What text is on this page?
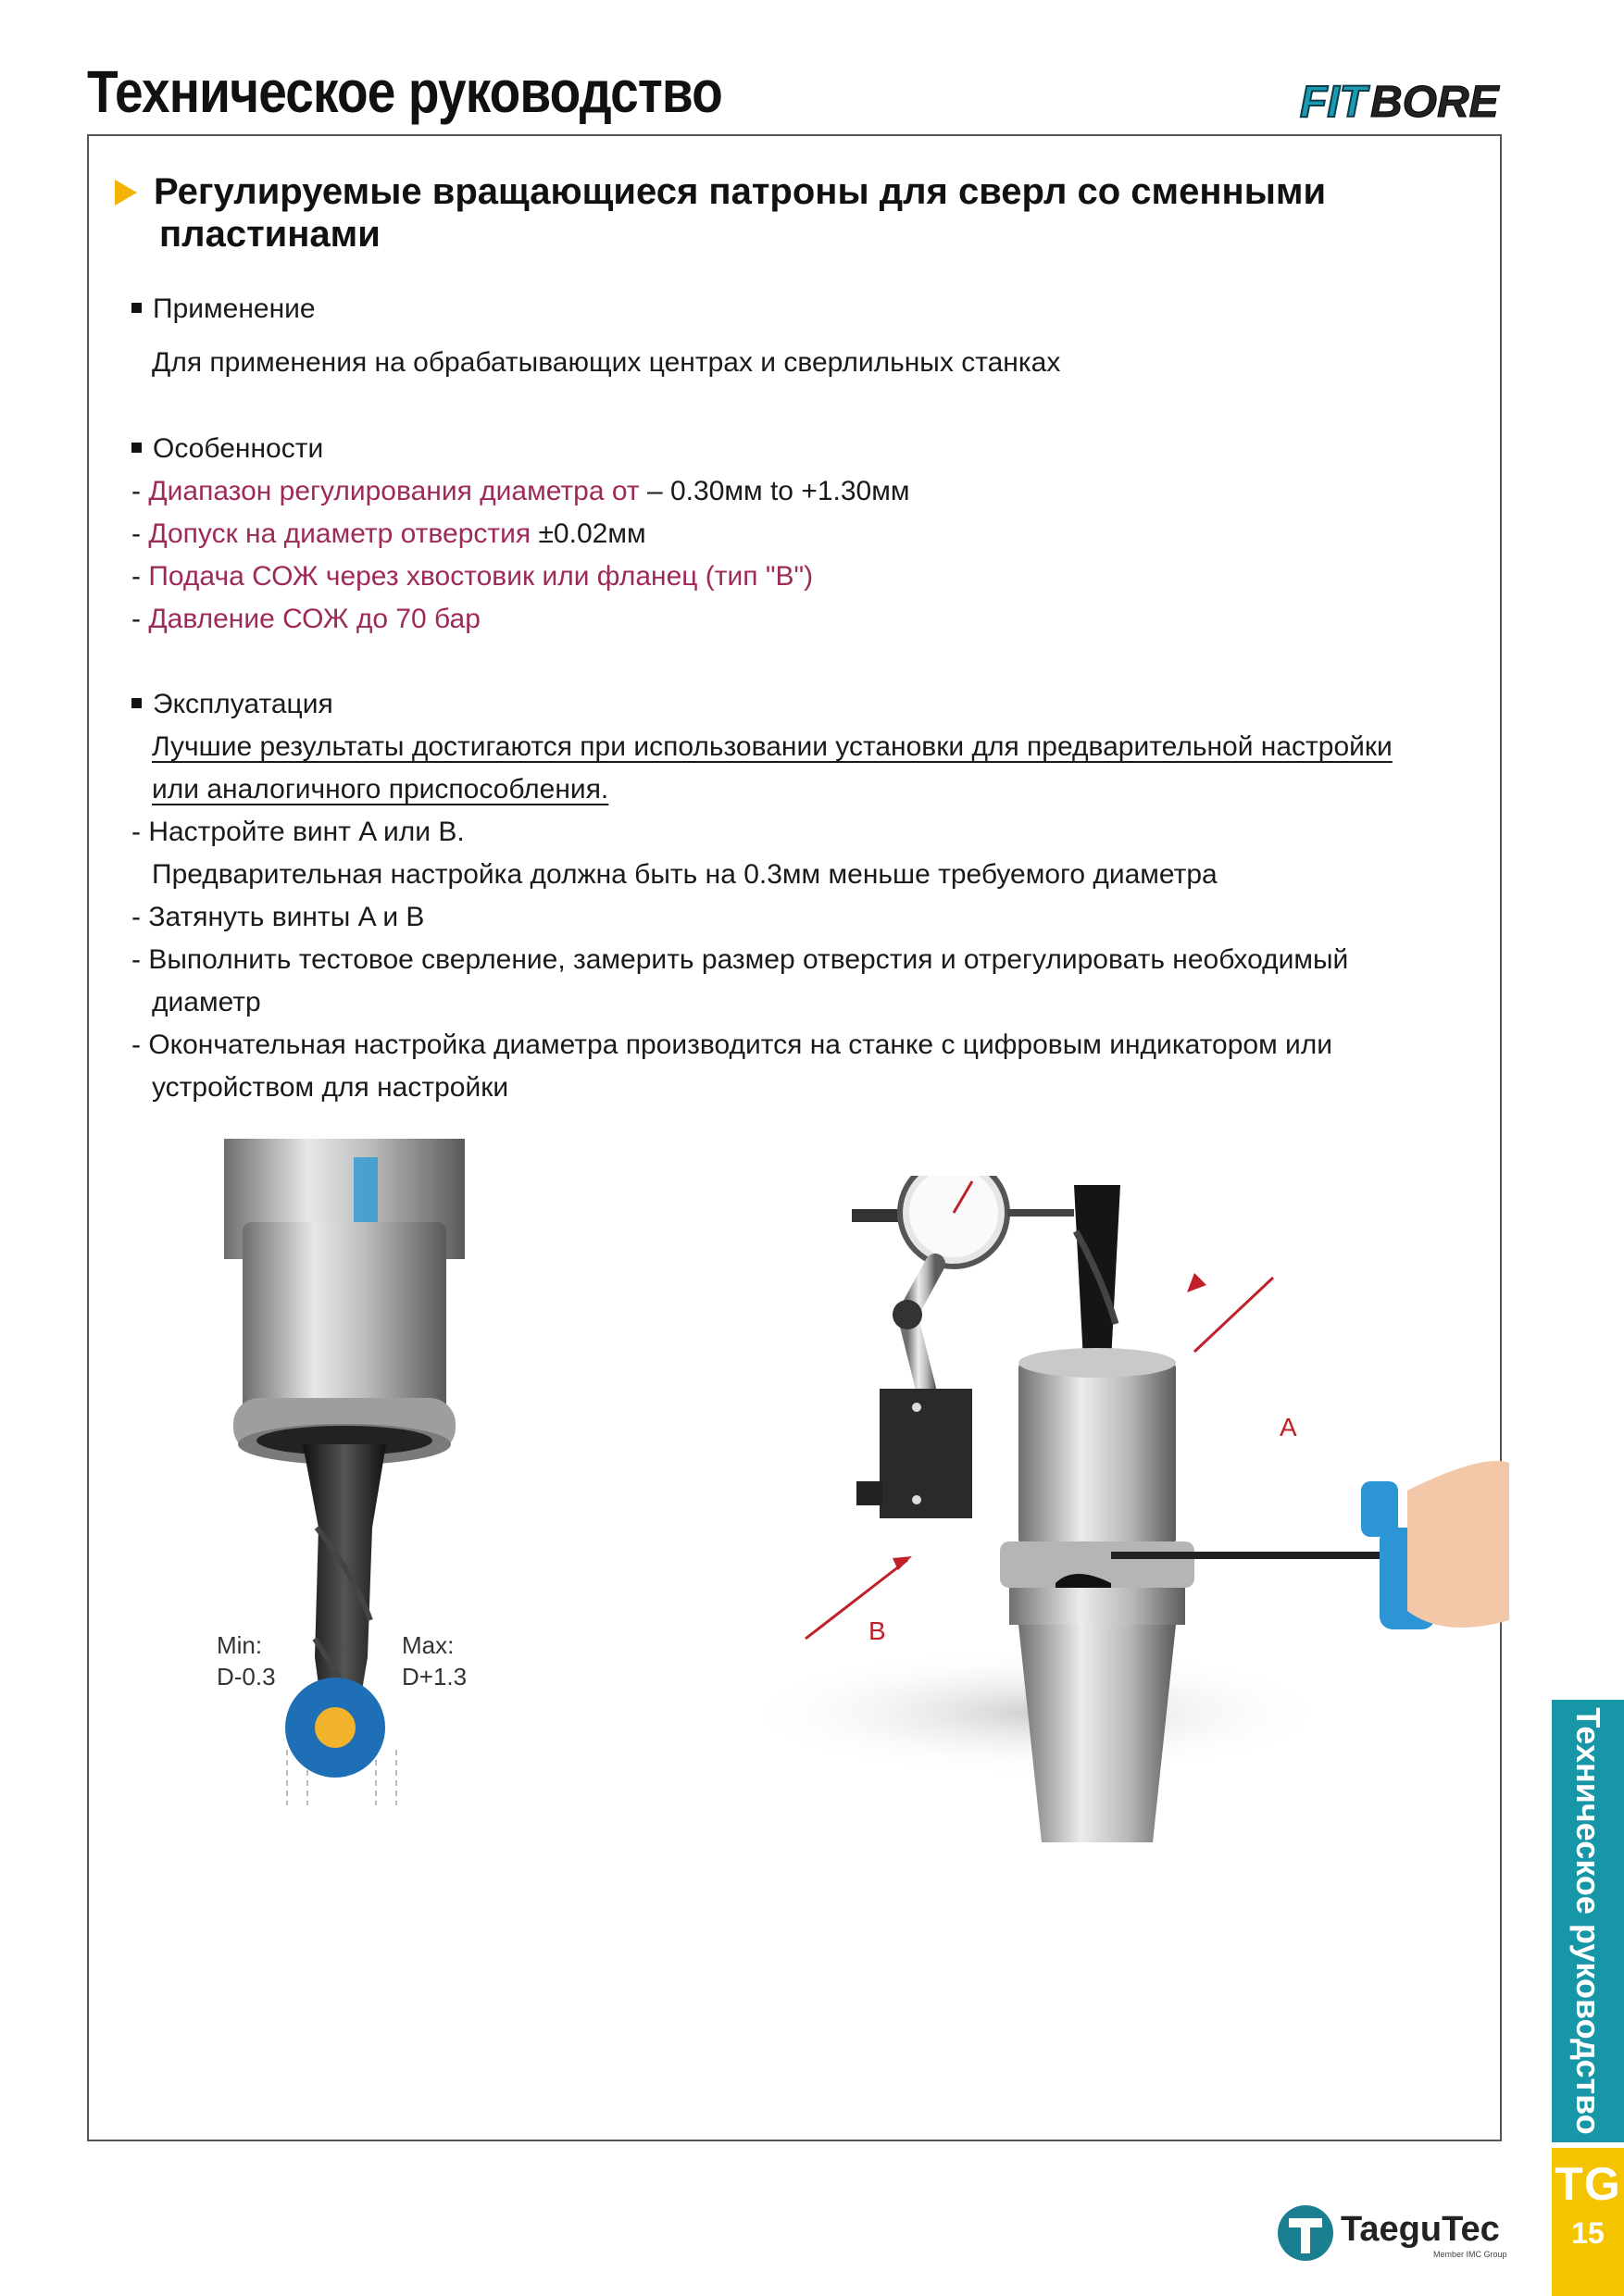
Техническое руководство	FIT BORE
Регулируемые вращающиеся патроны для сверл со сменными
пластинами
Применение
Для применения на обрабатывающих центрах и сверлильных станках
Особенности
- Диапазон регулирования диаметра от – 0.30мм to +1.30мм
- Допуск на диаметр отверстия ±0.02мм
- Подача СОЖ через хвостовик или фланец (тип "B")
- Давление СОЖ до 70 бар
Эксплуатация
Лучшие результаты достигаются при использовании установки для предварительной настройки
или аналогичного приспособления.
- Настройте винт A или B.
Предварительная настройка должна быть на 0.3мм меньше требуемого диаметра
- Затянуть винты A и B
- Выполнить тестовое сверление, замерить размер отверстия и отрегулировать необходимый
диаметр
- Окончательная настройка диаметра производится на станке с цифровым индикатором или
устройством для настройки
Min:
D-0.3
Max:
D+1.3
A
B
Техническое руководство
TG
15
TaeguTec
Member IMC Group
